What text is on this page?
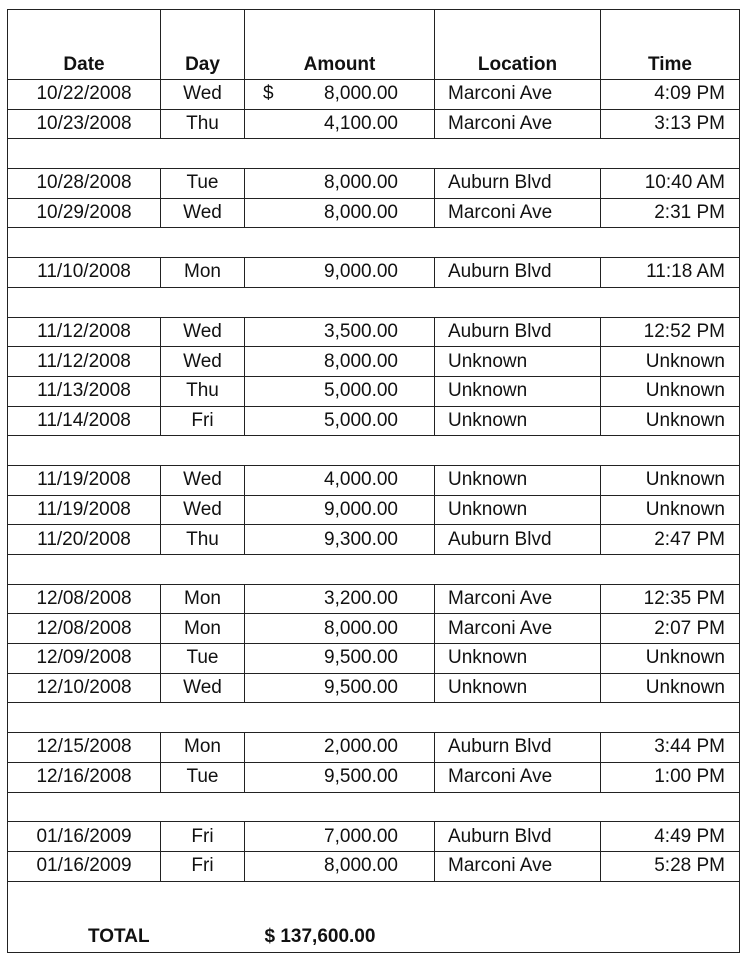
Date	Day	Amount	Location	Time
10/22/2008	Wed	$ 8,000.00	Marconi Ave	4:09 PM
10/23/2008	Thu	4,100.00	Marconi Ave	3:13 PM

10/28/2008	Tue	8,000.00	Auburn Blvd	10:40 AM
10/29/2008	Wed	8,000.00	Marconi Ave	2:31 PM

11/10/2008	Mon	9,000.00	Auburn Blvd	11:18 AM

11/12/2008	Wed	3,500.00	Auburn Blvd	12:52 PM
11/12/2008	Wed	8,000.00	Unknown	Unknown
11/13/2008	Thu	5,000.00	Unknown	Unknown
11/14/2008	Fri	5,000.00	Unknown	Unknown

11/19/2008	Wed	4,000.00	Unknown	Unknown
11/19/2008	Wed	9,000.00	Unknown	Unknown
11/20/2008	Thu	9,300.00	Auburn Blvd	2:47 PM

12/08/2008	Mon	3,200.00	Marconi Ave	12:35 PM
12/08/2008	Mon	8,000.00	Marconi Ave	2:07 PM
12/09/2008	Tue	9,500.00	Unknown	Unknown
12/10/2008	Wed	9,500.00	Unknown	Unknown

12/15/2008	Mon	2,000.00	Auburn Blvd	3:44 PM
12/16/2008	Tue	9,500.00	Marconi Ave	1:00 PM

01/16/2009	Fri	7,000.00	Auburn Blvd	4:49 PM
01/16/2009	Fri	8,000.00	Marconi Ave	5:28 PM
TOTAL		$ 137,600.00		
